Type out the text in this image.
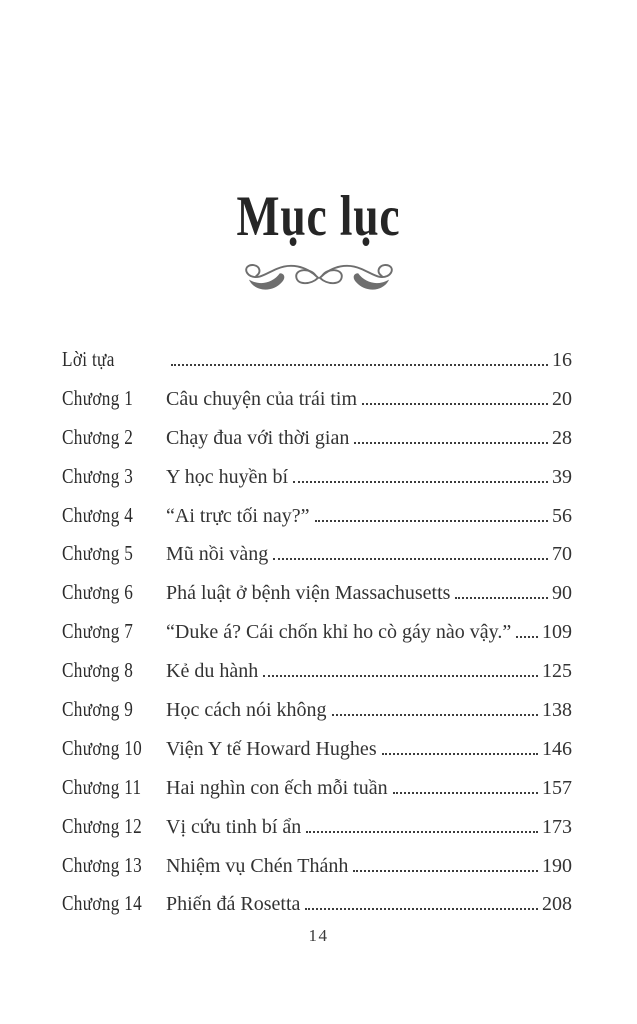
Mục lục
Lời tựa	16
Chương 1	Câu chuyện của trái tim	20
Chương 2	Chạy đua với thời gian	28
Chương 3	Y học huyền bí	39
Chương 4	“Ai trực tối nay?”	56
Chương 5	Mũ nồi vàng	70
Chương 6	Phá luật ở bệnh viện Massachusetts	90
Chương 7	“Duke á? Cái chốn khỉ ho cò gáy nào vậy.” 109
Chương 8	Kẻ du hành	125
Chương 9	Học cách nói không	138
Chương 10 Viện Y tế Howard Hughes	146
Chương 11 Hai nghìn con ếch mỗi tuần	157
Chương 12 Vị cứu tinh bí ẩn	173
Chương 13 Nhiệm vụ Chén Thánh	190
Chương 14 Phiến đá Rosetta	208
14
